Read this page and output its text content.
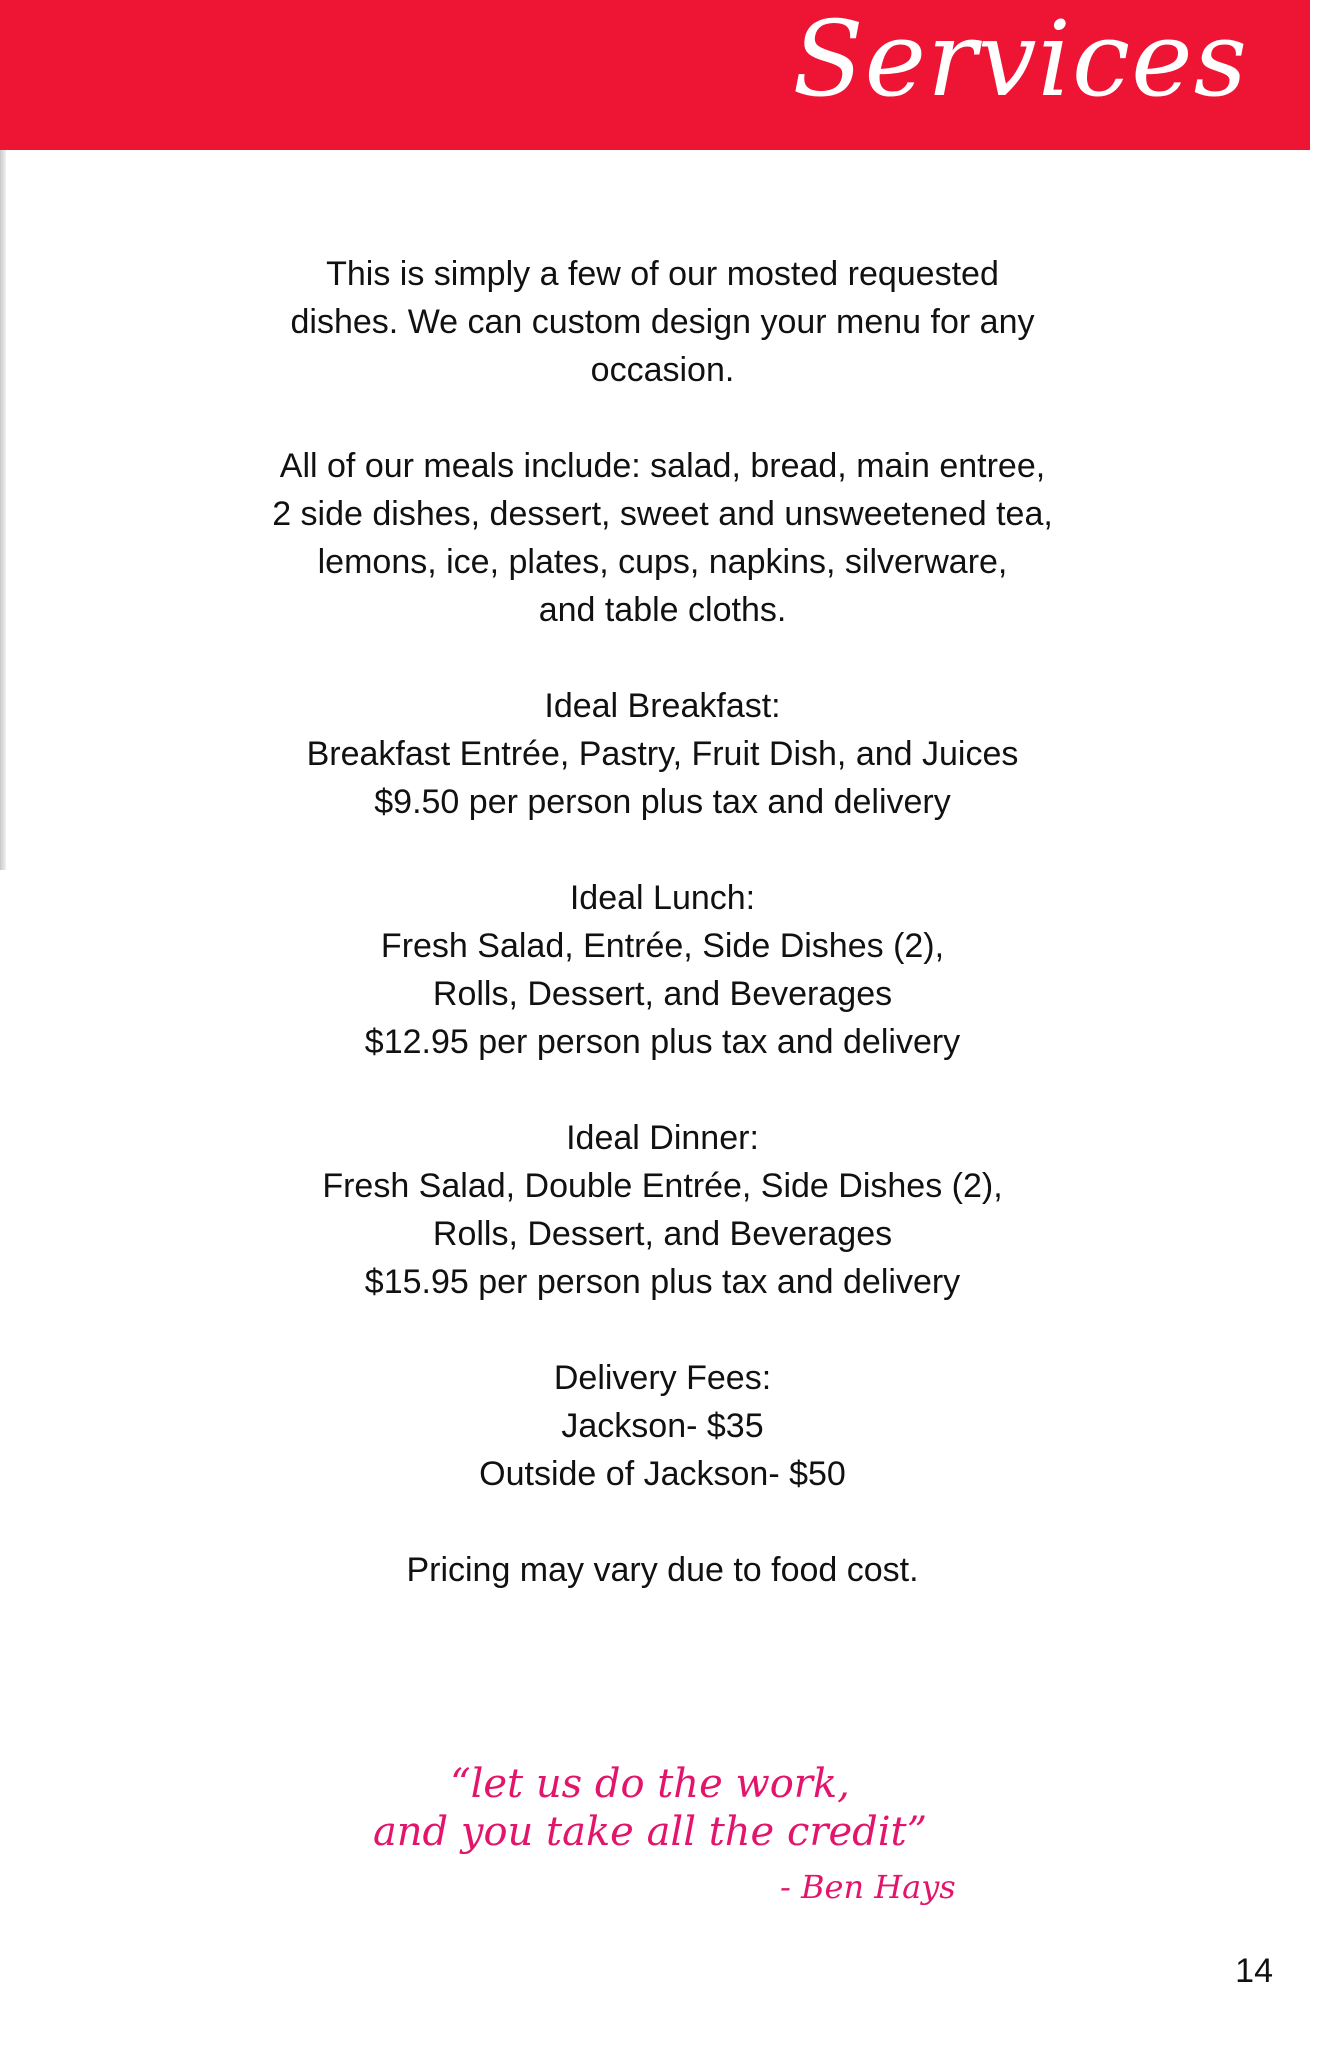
Services
This is simply a few of our mosted requested
dishes. We can custom design your menu for any
occasion.
All of our meals include: salad, bread, main entree,
2 side dishes, dessert, sweet and unsweetened tea,
lemons, ice, plates, cups, napkins, silverware,
and table cloths.
Ideal Breakfast:
Breakfast Entrée, Pastry, Fruit Dish, and Juices
$9.50 per person plus tax and delivery
Ideal Lunch:
Fresh Salad, Entrée, Side Dishes (2),
Rolls, Dessert, and Beverages
$12.95 per person plus tax and delivery
Ideal Dinner:
Fresh Salad, Double Entrée, Side Dishes (2),
Rolls, Dessert, and Beverages
$15.95 per person plus tax and delivery
Delivery Fees:
Jackson- $35
Outside of Jackson- $50
Pricing may vary due to food cost.
“let us do the work,
and you take all the credit”
- Ben Hays
14
